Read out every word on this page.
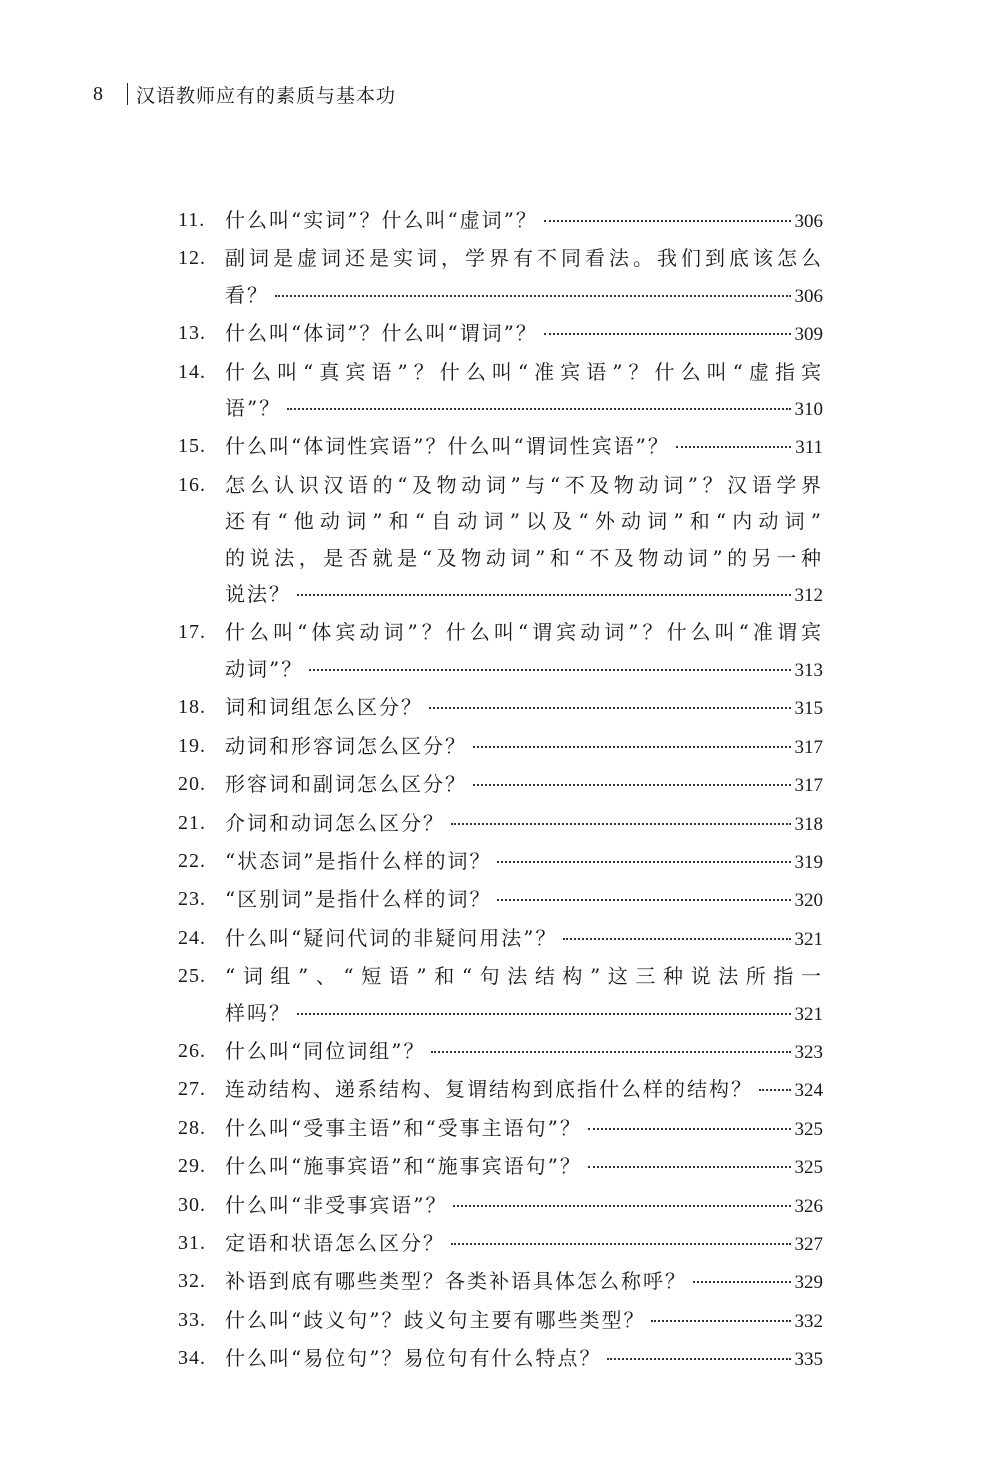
8	汉语教师应有的素质与基本功
11. 什么叫“实词”？什么叫“虚词”？	306
12. 副词是虚词还是实词，学界有不同看法。我们到底该怎么
看？	306
13. 什么叫“体词”？什么叫“谓词”？	309
14. 什么叫“真宾语”？什么叫“准宾语”？什么叫“虚指宾
语”？	310
15. 什么叫“体词性宾语”？什么叫“谓词性宾语”？	311
16. 怎么认识汉语的“及物动词”与“不及物动词”？汉语学界
还有“他动词”和“自动词”以及“外动词”和“内动词”
的说法，是否就是“及物动词”和“不及物动词”的另一种
说法？	312
17. 什么叫“体宾动词”？什么叫“谓宾动词”？什么叫“准谓宾
动词”？	313
18. 词和词组怎么区分？	315
19. 动词和形容词怎么区分？	317
20. 形容词和副词怎么区分？	317
21. 介词和动词怎么区分？	318
22. “状态词”是指什么样的词？	319
23. “区别词”是指什么样的词？	320
24. 什么叫“疑问代词的非疑问用法”？	321
25. “词组”、“短语”和“句法结构”这三种说法所指一
样吗？	321
26. 什么叫“同位词组”？	323
27. 连动结构、递系结构、复谓结构到底指什么样的结构？ 324
28. 什么叫“受事主语”和“受事主语句”？	325
29. 什么叫“施事宾语”和“施事宾语句”？	325
30. 什么叫“非受事宾语”？	326
31. 定语和状语怎么区分？	327
32. 补语到底有哪些类型？各类补语具体怎么称呼？	329
33. 什么叫“歧义句”？歧义句主要有哪些类型？	332
34. 什么叫“易位句”？易位句有什么特点？	335
